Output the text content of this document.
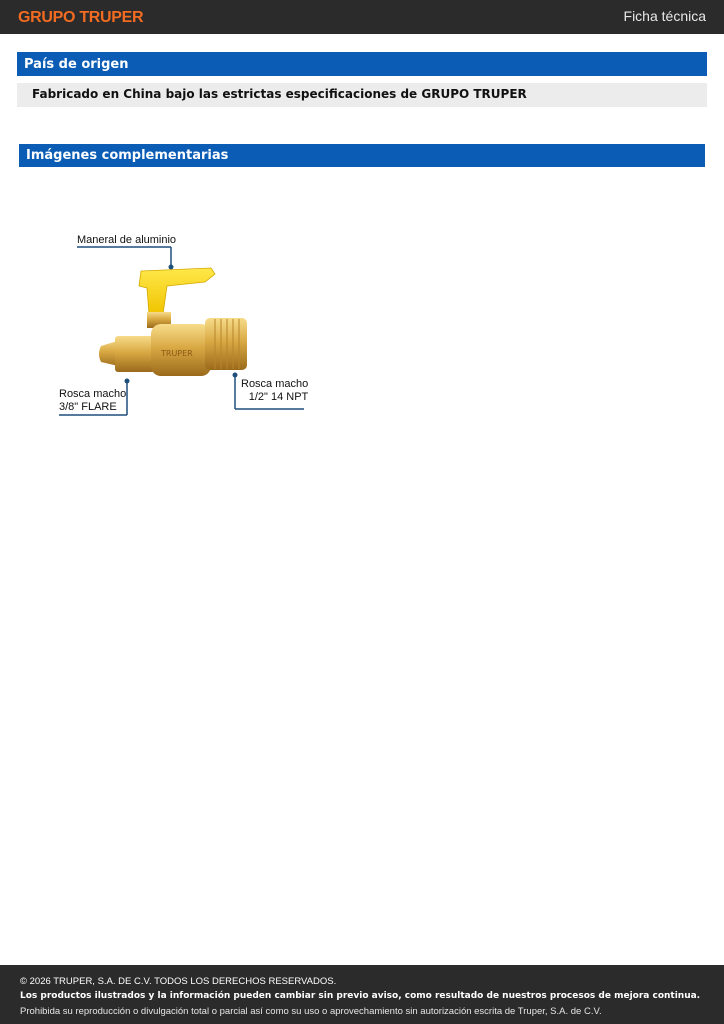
GRUPO TRUPER	Ficha técnica
País de origen
Fabricado en China bajo las estrictas especificaciones de GRUPO TRUPER
Imágenes complementarias
TRUPER
Maneral de aluminio
Rosca macho
3/8" FLARE
Rosca macho
1/2" 14 NPT
© 2026 TRUPER, S.A. DE C.V. TODOS LOS DERECHOS RESERVADOS.
Los productos ilustrados y la información pueden cambiar sin previo aviso, como resultado de nuestros procesos de mejora continua.
Prohibida su reproducción o divulgación total o parcial así como su uso o aprovechamiento sin autorización escrita de Truper, S.A. de C.V.
